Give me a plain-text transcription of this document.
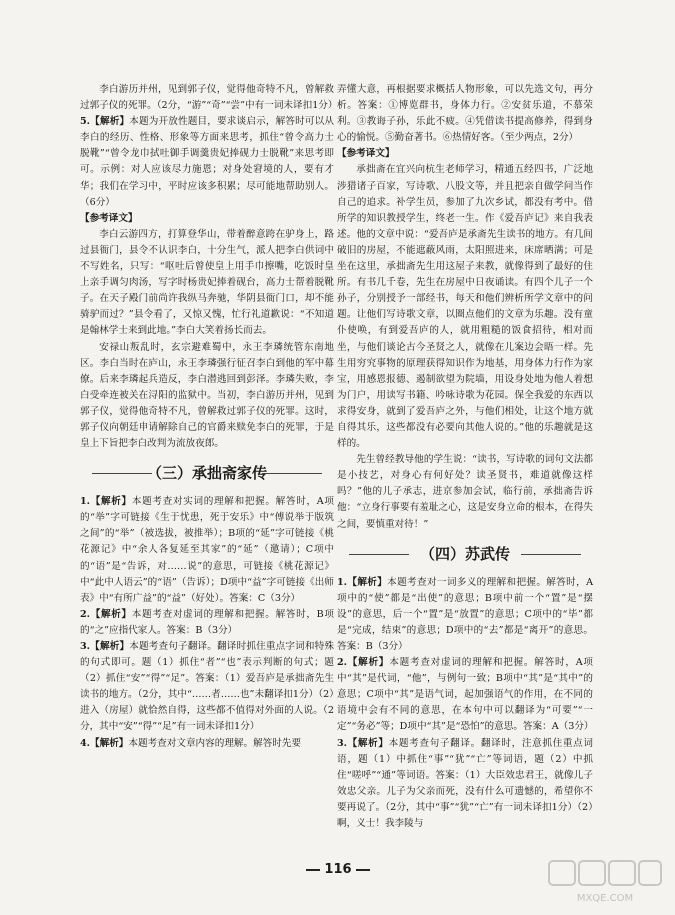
李白游历并州，见到郭子仪，觉得他奇特不凡，曾解救过郭子仪的死罪。（2分，“游”“奇”“尝”中有一词未译扣1分）

5.【解析】本题为开放性题目，要求谈启示，解答时可以从李白的经历、性格、形象等方面来思考，抓住“曾令高力士脱靴”“曾令龙巾拭吐御手调羹贵妃捧砚力士脱靴”来思考即可。示例：对人应该尽力施恩；对身处窘境的人，要有才华；我们在学习中，平时应该多积累；尽可能地帮助别人。（6分）

【参考译文】

李白云游四方，打算登华山，带着醉意跨在驴身上，路过县衙门，县令不认识李白，十分生气，派人把李白供词中不写姓名，只写：“呕吐后曾使皇上用手巾擦嘴，吃饭时皇上亲手调匀肉汤，写字时杨贵妃捧着砚台，高力士帮着脱靴子。在天子殿门前尚许我纵马奔驰，华阴县衙门口，却不能骑驴而过？”县令看了，又惊又愧，忙行礼道歉说：“不知道是翰林学士来到此地。”李白大笑着扬长而去。

安禄山叛乱时，玄宗避难蜀中，永王李璘统管东南地区。李白当时在庐山，永王李璘强行征召李白到他的军中幕僚。后来李璘起兵造反，李白潜逃回到彭泽。李璘失败，李白受牵连被关在浔阳的监狱中。当初，李白游历并州，见到郭子仪，觉得他奇特不凡，曾解救过郭子仪的死罪。这时，郭子仪向朝廷申请解除自己的官爵来赎免李白的死罪，于是皇上下旨把李白改判为流放夜郎。

（三）承拙斋家传

1.【解析】本题考查对实词的理解和把握。解答时，A项的“举”字可链接《生于忧患，死于安乐》中“傅说举于版筑之间”的“举”（被选拔，被推举）；B项的“延”字可链接《桃花源记》中“余人各复延至其家”的“延”（邀请）；C项中的“语”是“告诉，对……说”的意思，可链接《桃花源记》中“此中人语云”的“语”（告诉）；D项中“益”字可链接《出师表》中“有所广益”的“益”（好处）。答案：C（3分）

2.【解析】本题考查对虚词的理解和把握。解答时，B项的“之”应指代家人。答案：B（3分）

3.【解析】本题考查句子翻译。翻译时抓住重点字词和特殊的句式即可。题（1）抓住“者”“也”表示判断的句式；题（2）抓住“安”“得”“足”。答案：（1）爱吾庐是承拙斋先生读书的地方。（2分，其中“……者……也”未翻译扣1分）（2）进入（房屋）就恰然自得，这些都不值得对外面的人说。（2分，其中“安”“得”“足”有一词未译扣1分）

4.【解析】本题考查对文章内容的理解。解答时先要

弄懂大意，再根据要求概括人物形象，可以先选文句，再分析。答案：①博览群书，身体力行。②安贫乐道，不慕荣利。③教诲子孙，乐此不疲。④凭借读书提高修养，得到身心的愉悦。⑤勤奋著书。⑥热情好客。（至少两点，2分）

【参考译文】

承拙斋在宜兴向杭生老师学习，精通五经四书，广泛地涉猎诸子百家，写诗歌、八股文等，并且把亲自做学问当作自己的追求。补学生员，参加了九次乡试，都没有考中。借所学的知识教授学生，终老一生。作《爱吾庐记》来自我表述。他的文章中说：“爱吾庐是承斋先生读书的地方。有几间破旧的房屋，不能遮蔽风雨，太阳照进来，床席晒满；可是坐在这里，承拙斋先生用这屋子来教，就像得到了最好的住所。有书几千卷，先生在房屋中日夜诵读。有四个儿子一个孙子，分别授予一部经书，每天和他们辨析所学文章中的问题。让他们写诗歌文章，以圈点他们的文章为乐趣。没有童仆使唤，有到爱吾庐的人，就用粗糙的饭食招待，相对而坐，与他们谈论古今圣贤之人，就像在儿案边会晤一样。先生用穷究事物的原理获得知识作为地基，用身体力行作为家宝，用感恩报德、遏制欲望为院墙，用设身处地为他人着想为门户，用读写书籍、吟咏诗歌为花园。保全我爱的东西以求得安身，就到了爱吾庐之外，与他们相处，让这个地方就自得其乐，这些都没有必要向其他人说的。”他的乐趣就是这样的。

先生曾经教导他的学生说：“读书，写诗歌的词句文法都是小技艺，对身心有何好处？读圣贤书，难道就像这样吗？”他的儿子承志，进京参加会试，临行前，承拙斋告诉他：“立身行事要有羞耻之心，这是安身立命的根本，在得失之间，要慎重对待！”

（四）苏武传

1.【解析】本题考查对一词多义的理解和把握。解答时，A项中的“使”都是“出使”的意思；B项中前一个“置”是“摆设”的意思，后一个“置”是“放置”的意思；C项中的“毕”都是“完成，结束”的意思；D项中的“去”都是“离开”的意思。答案：B（3分）

2.【解析】本题考查对虚词的理解和把握。解答时，A项中“其”是代词，“他”，与例句一致；B项中“其”是“其中”的意思；C项中“其”是语气词，起加强语气的作用，在不同的语境中会有不同的意思，在本句中可以翻译为“可要”“一定”“务必”等；D项中“其”是“恐怕”的意思。答案：A（3分）

3.【解析】本题考查句子翻译。翻译时，注意抓住重点词语，题（1）中抓住“事”“犹”“亡”等词语，题（2）中抓住“嗟呼”“通”等词语。答案：（1）大臣效忠君王，就像儿子效忠父亲。儿子为父亲而死，没有什么可遗憾的，希望你不要再说了。（2分，其中“事”“犹”“亡”有一词未译扣1分）（2）啊，义士！我李陵与

116
MXQE.COM
